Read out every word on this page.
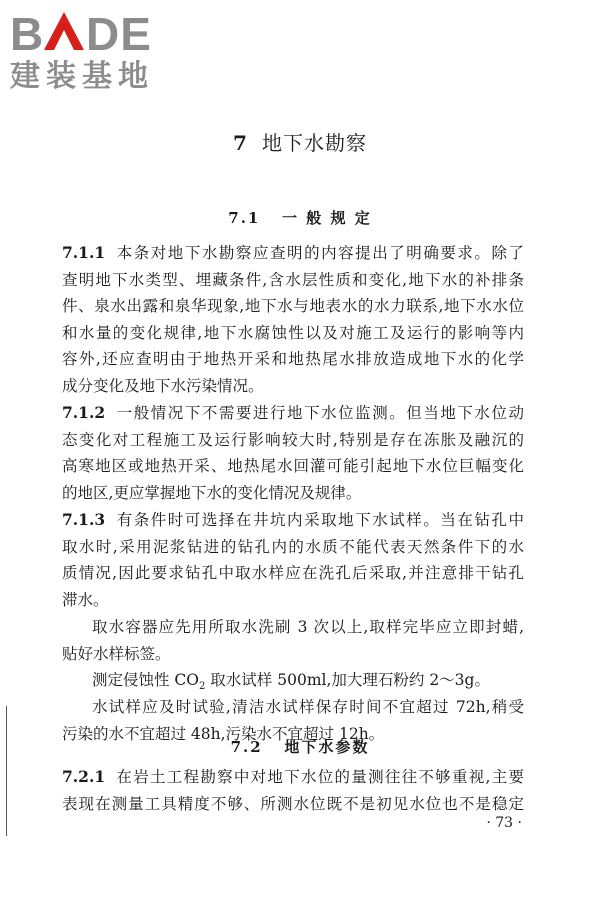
B DE
建装基地
7 地下水勘察
7.1 一 般 规 定
7.1.1 本条对地下水勘察应查明的内容提出了明确要求。除了
查明地下水类型、埋藏条件,含水层性质和变化,地下水的补排条
件、泉水出露和泉华现象,地下水与地表水的水力联系,地下水水位
和水量的变化规律,地下水腐蚀性以及对施工及运行的影响等内
容外,还应查明由于地热开采和地热尾水排放造成地下水的化学
成分变化及地下水污染情况。
7.1.2 一般情况下不需要进行地下水位监测。但当地下水位动
态变化对工程施工及运行影响较大时,特别是存在冻胀及融沉的
高寒地区或地热开采、地热尾水回灌可能引起地下水位巨幅变化
的地区,更应掌握地下水的变化情况及规律。
7.1.3 有条件时可选择在井坑内采取地下水试样。当在钻孔中
取水时,采用泥浆钻进的钻孔内的水质不能代表天然条件下的水
质情况,因此要求钻孔中取水样应在洗孔后采取,并注意排干钻孔
滞水。
取水容器应先用所取水洗刷 3 次以上,取样完毕应立即封蜡,
贴好水样标签。
测定侵蚀性 $CO_2$ 取水试样 500ml,加大理石粉约 2～3g。
水试样应及时试验,清洁水试样保存时间不宜超过 72h,稍受
污染的水不宜超过 48h,污染水不宜超过 12h。
7.2 地下水参数
7.2.1 在岩土工程勘察中对地下水位的量测往往不够重视,主要
表现在测量工具精度不够、所测水位既不是初见水位也不是稳定
· 73 ·
